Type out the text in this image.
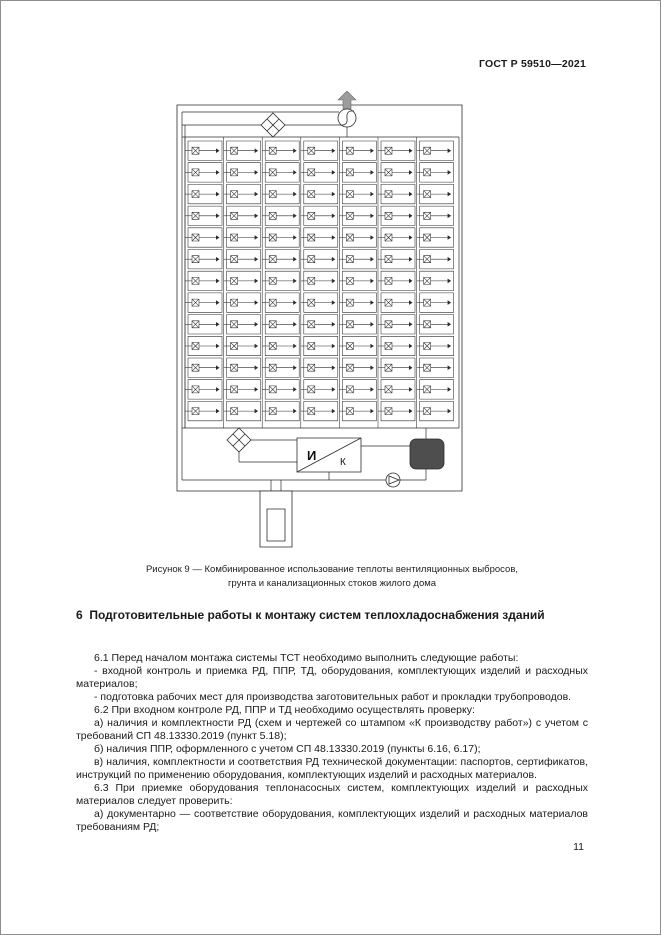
ГОСТ Р 59510—2021
И К
Рисунок 9 — Комбинированное использование теплоты вентиляционных выбросов,
грунта и канализационных стоков жилого дома
6  Подготовительные работы к монтажу систем теплохладоснабжения зданий

6.1 Перед началом монтажа системы ТСТ необходимо выполнить следующие работы:

- входной контроль и приемка РД, ППР, ТД, оборудования, комплектующих изделий и расходных материалов;

- подготовка рабочих мест для производства заготовительных работ и прокладки трубопроводов.

6.2 При входном контроле РД, ППР и ТД необходимо осуществлять проверку:

а) наличия и комплектности РД (схем и чертежей со штампом «К производству работ») с учетом с требований СП 48.13330.2019 (пункт 5.18);

б) наличия ППР, оформленного с учетом СП 48.13330.2019 (пункты 6.16, 6.17);

в) наличия, комплектности и соответствия РД технической документации: паспортов, сертификатов, инструкций по применению оборудования, комплектующих изделий и расходных материалов.

6.3 При приемке оборудования теплонасосных систем, комплектующих изделий и расходных материалов следует проверить:

а) документарно — соответствие оборудования, комплектующих изделий и расходных материалов требованиям РД;

11
